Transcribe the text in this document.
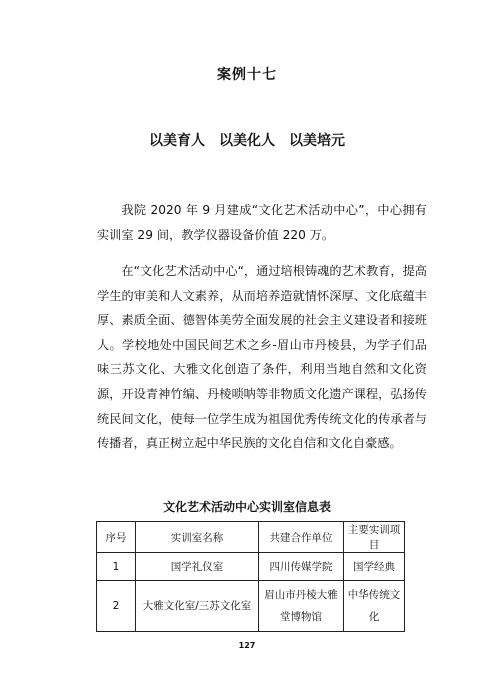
案例十七
以美育人　以美化人　以美培元

我院 2020 年 9 月建成“文化艺术活动中心”，中心拥有实训室 29 间，教学仪器设备价值 220 万。

在“文化艺术活动中心“，通过培根铸魂的艺术教育，提高学生的审美和人文素养，从而培养造就情怀深厚、文化底蕴丰厚、素质全面、德智体美劳全面发展的社会主义建设者和接班人。学校地处中国民间艺术之乡-眉山市丹棱县，为学子们品味三苏文化、大雅文化创造了条件，利用当地自然和文化资源，开设青神竹编、丹棱唢呐等非物质文化遗产课程，弘扬传统民间文化，使每一位学生成为祖国优秀传统文化的传承者与传播者，真正树立起中华民族的文化自信和文化自豪感。

文化艺术活动中心实训室信息表
序号	实训室名称	共建合作单位	主要实训项目
1	国学礼仪室	四川传媒学院	国学经典
2	大雅文化室/三苏文化室	眉山市丹棱大雅堂博物馆	中华传统文化
127
